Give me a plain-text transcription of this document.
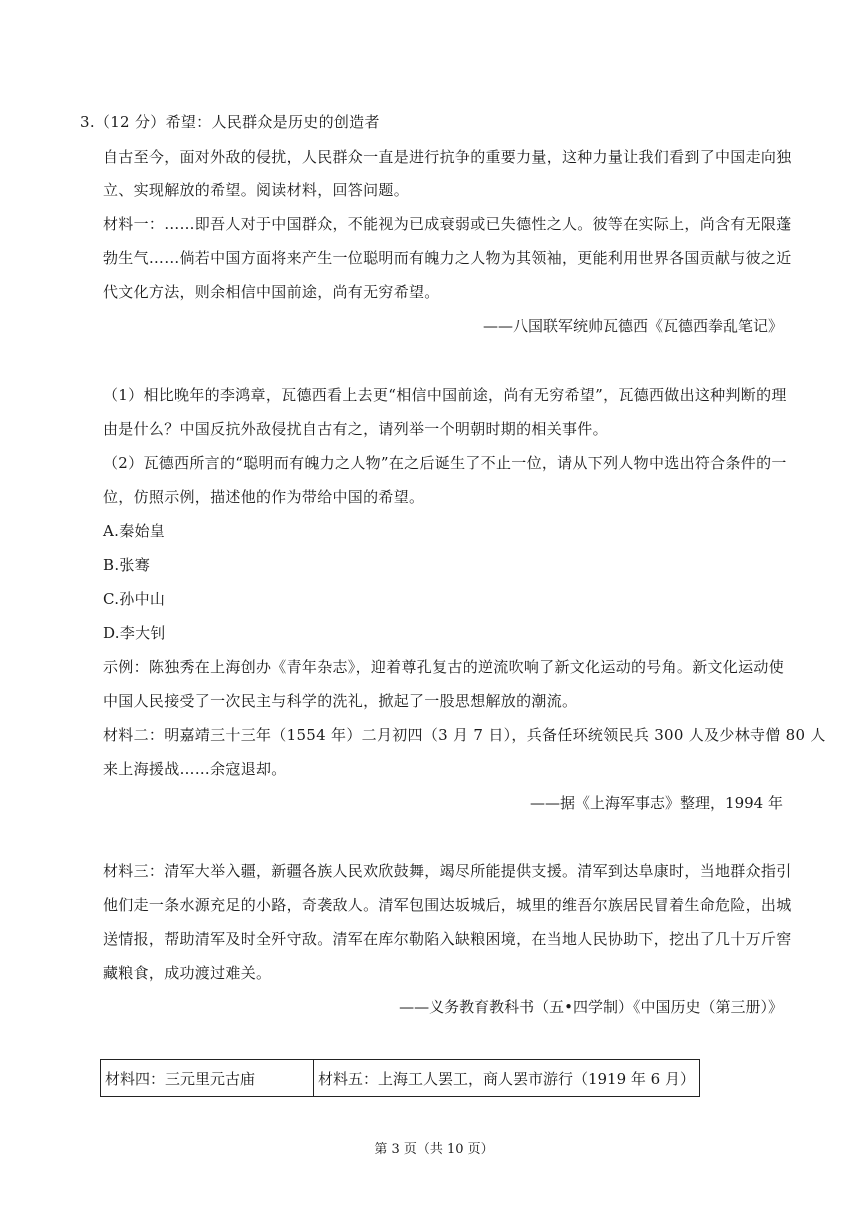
3.（12 分）希望：人民群众是历史的创造者
自古至今，面对外敌的侵扰，人民群众一直是进行抗争的重要力量，这种力量让我们看到了中国走向独
立、实现解放的希望。阅读材料，回答问题。
材料一：……即吾人对于中国群众，不能视为已成衰弱或已失德性之人。彼等在实际上，尚含有无限蓬
勃生气……倘若中国方面将来产生一位聪明而有魄力之人物为其领袖，更能利用世界各国贡献与彼之近
代文化方法，则余相信中国前途，尚有无穷希望。
——八国联军统帅瓦德西《瓦德西拳乱笔记》
（1）相比晚年的李鸿章，瓦德西看上去更“相信中国前途，尚有无穷希望”，瓦德西做出这种判断的理
由是什么？中国反抗外敌侵扰自古有之，请列举一个明朝时期的相关事件。
（2）瓦德西所言的“聪明而有魄力之人物”在之后诞生了不止一位，请从下列人物中选出符合条件的一
位，仿照示例，描述他的作为带给中国的希望。
A.秦始皇
B.张骞
C.孙中山
D.李大钊
示例：陈独秀在上海创办《青年杂志》，迎着尊孔复古的逆流吹响了新文化运动的号角。新文化运动使
中国人民接受了一次民主与科学的洗礼，掀起了一股思想解放的潮流。
材料二：明嘉靖三十三年（1554 年）二月初四（3 月 7 日），兵备任环统领民兵 300 人及少林寺僧 80 人
来上海援战……余寇退却。
——据《上海军事志》整理，1994 年
材料三：清军大举入疆，新疆各族人民欢欣鼓舞，竭尽所能提供支援。清军到达阜康时，当地群众指引
他们走一条水源充足的小路，奇袭敌人。清军包围达坂城后，城里的维吾尔族居民冒着生命危险，出城
送情报，帮助清军及时全歼守敌。清军在库尔勒陷入缺粮困境，在当地人民协助下，挖出了几十万斤窖
藏粮食，成功渡过难关。
——义务教育教科书（五•四学制）《中国历史（第三册）》
材料四：三元里元古庙	材料五：上海工人罢工，商人罢市游行（1919 年 6 月）
第 3 页（共 10 页）
